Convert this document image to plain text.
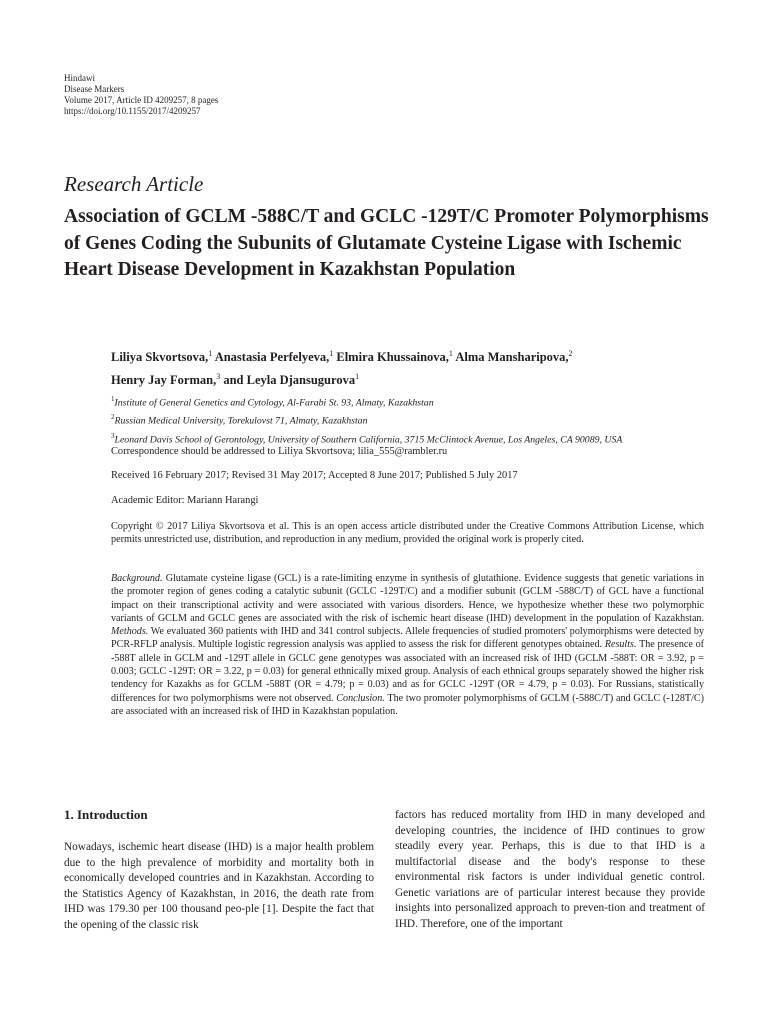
Hindawi
Disease Markers
Volume 2017, Article ID 4209257, 8 pages
https://doi.org/10.1155/2017/4209257
Research Article
Association of GCLM -588C/T and GCLC -129T/C Promoter Polymorphisms of Genes Coding the Subunits of Glutamate Cysteine Ligase with Ischemic Heart Disease Development in Kazakhstan Population
Liliya Skvortsova,$^1$ Anastasia Perfelyeva,$^1$ Elmira Khussainova,$^1$ Alma Mansharipova,$^2$
Henry Jay Forman,$^3$ and Leyla Djansugurova$^1$
$^1$Institute of General Genetics and Cytology, Al-Farabi St. 93, Almaty, Kazakhstan
$^2$Russian Medical University, Torekulovst 71, Almaty, Kazakhstan
$^3$Leonard Davis School of Gerontology, University of Southern California, 3715 McClintock Avenue, Los Angeles, CA 90089, USA
Correspondence should be addressed to Liliya Skvortsova; lilia_555@rambler.ru
Received 16 February 2017; Revised 31 May 2017; Accepted 8 June 2017; Published 5 July 2017
Academic Editor: Mariann Harangi
Copyright © 2017 Liliya Skvortsova et al. This is an open access article distributed under the Creative Commons Attribution License, which permits unrestricted use, distribution, and reproduction in any medium, provided the original work is properly cited.
Background. Glutamate cysteine ligase (GCL) is a rate-limiting enzyme in synthesis of glutathione. Evidence suggests that genetic variations in the promoter region of genes coding a catalytic subunit (GCLC -129T/C) and a modifier subunit (GCLM -588C/T) of GCL have a functional impact on their transcriptional activity and were associated with various disorders. Hence, we hypothesize whether these two polymorphic variants of GCLM and GCLC genes are associated with the risk of ischemic heart disease (IHD) development in the population of Kazakhstan. Methods. We evaluated 360 patients with IHD and 341 control subjects. Allele frequencies of studied promoters' polymorphisms were detected by PCR-RFLP analysis. Multiple logistic regression analysis was applied to assess the risk for different genotypes obtained. Results. The presence of -588T allele in GCLM and -129T allele in GCLC gene genotypes was associated with an increased risk of IHD (GCLM -588T: OR = 3.92, p = 0.003; GCLC -129T: OR = 3.22, p = 0.03) for general ethnically mixed group. Analysis of each ethnical groups separately showed the higher risk tendency for Kazakhs as for GCLM -588T (OR = 4.79; p = 0.03) and as for GCLC -129T (OR = 4.79, p = 0.03). For Russians, statistically differences for two polymorphisms were not observed. Conclusion. The two promoter polymorphisms of GCLM (-588C/T) and GCLC (-128T/C) are associated with an increased risk of IHD in Kazakhstan population.
1. Introduction
Nowadays, ischemic heart disease (IHD) is a major health problem due to the high prevalence of morbidity and mortality both in economically developed countries and in Kazakhstan. According to the Statistics Agency of Kazakhstan, in 2016, the death rate from IHD was 179.30 per 100 thousand peo-ple [1]. Despite the fact that the opening of the classic risk
factors has reduced mortality from IHD in many developed and developing countries, the incidence of IHD continues to grow steadily every year. Perhaps, this is due to that IHD is a multifactorial disease and the body's response to these environmental risk factors is under individual genetic control. Genetic variations are of particular interest because they provide insights into personalized approach to preven-tion and treatment of IHD. Therefore, one of the important
